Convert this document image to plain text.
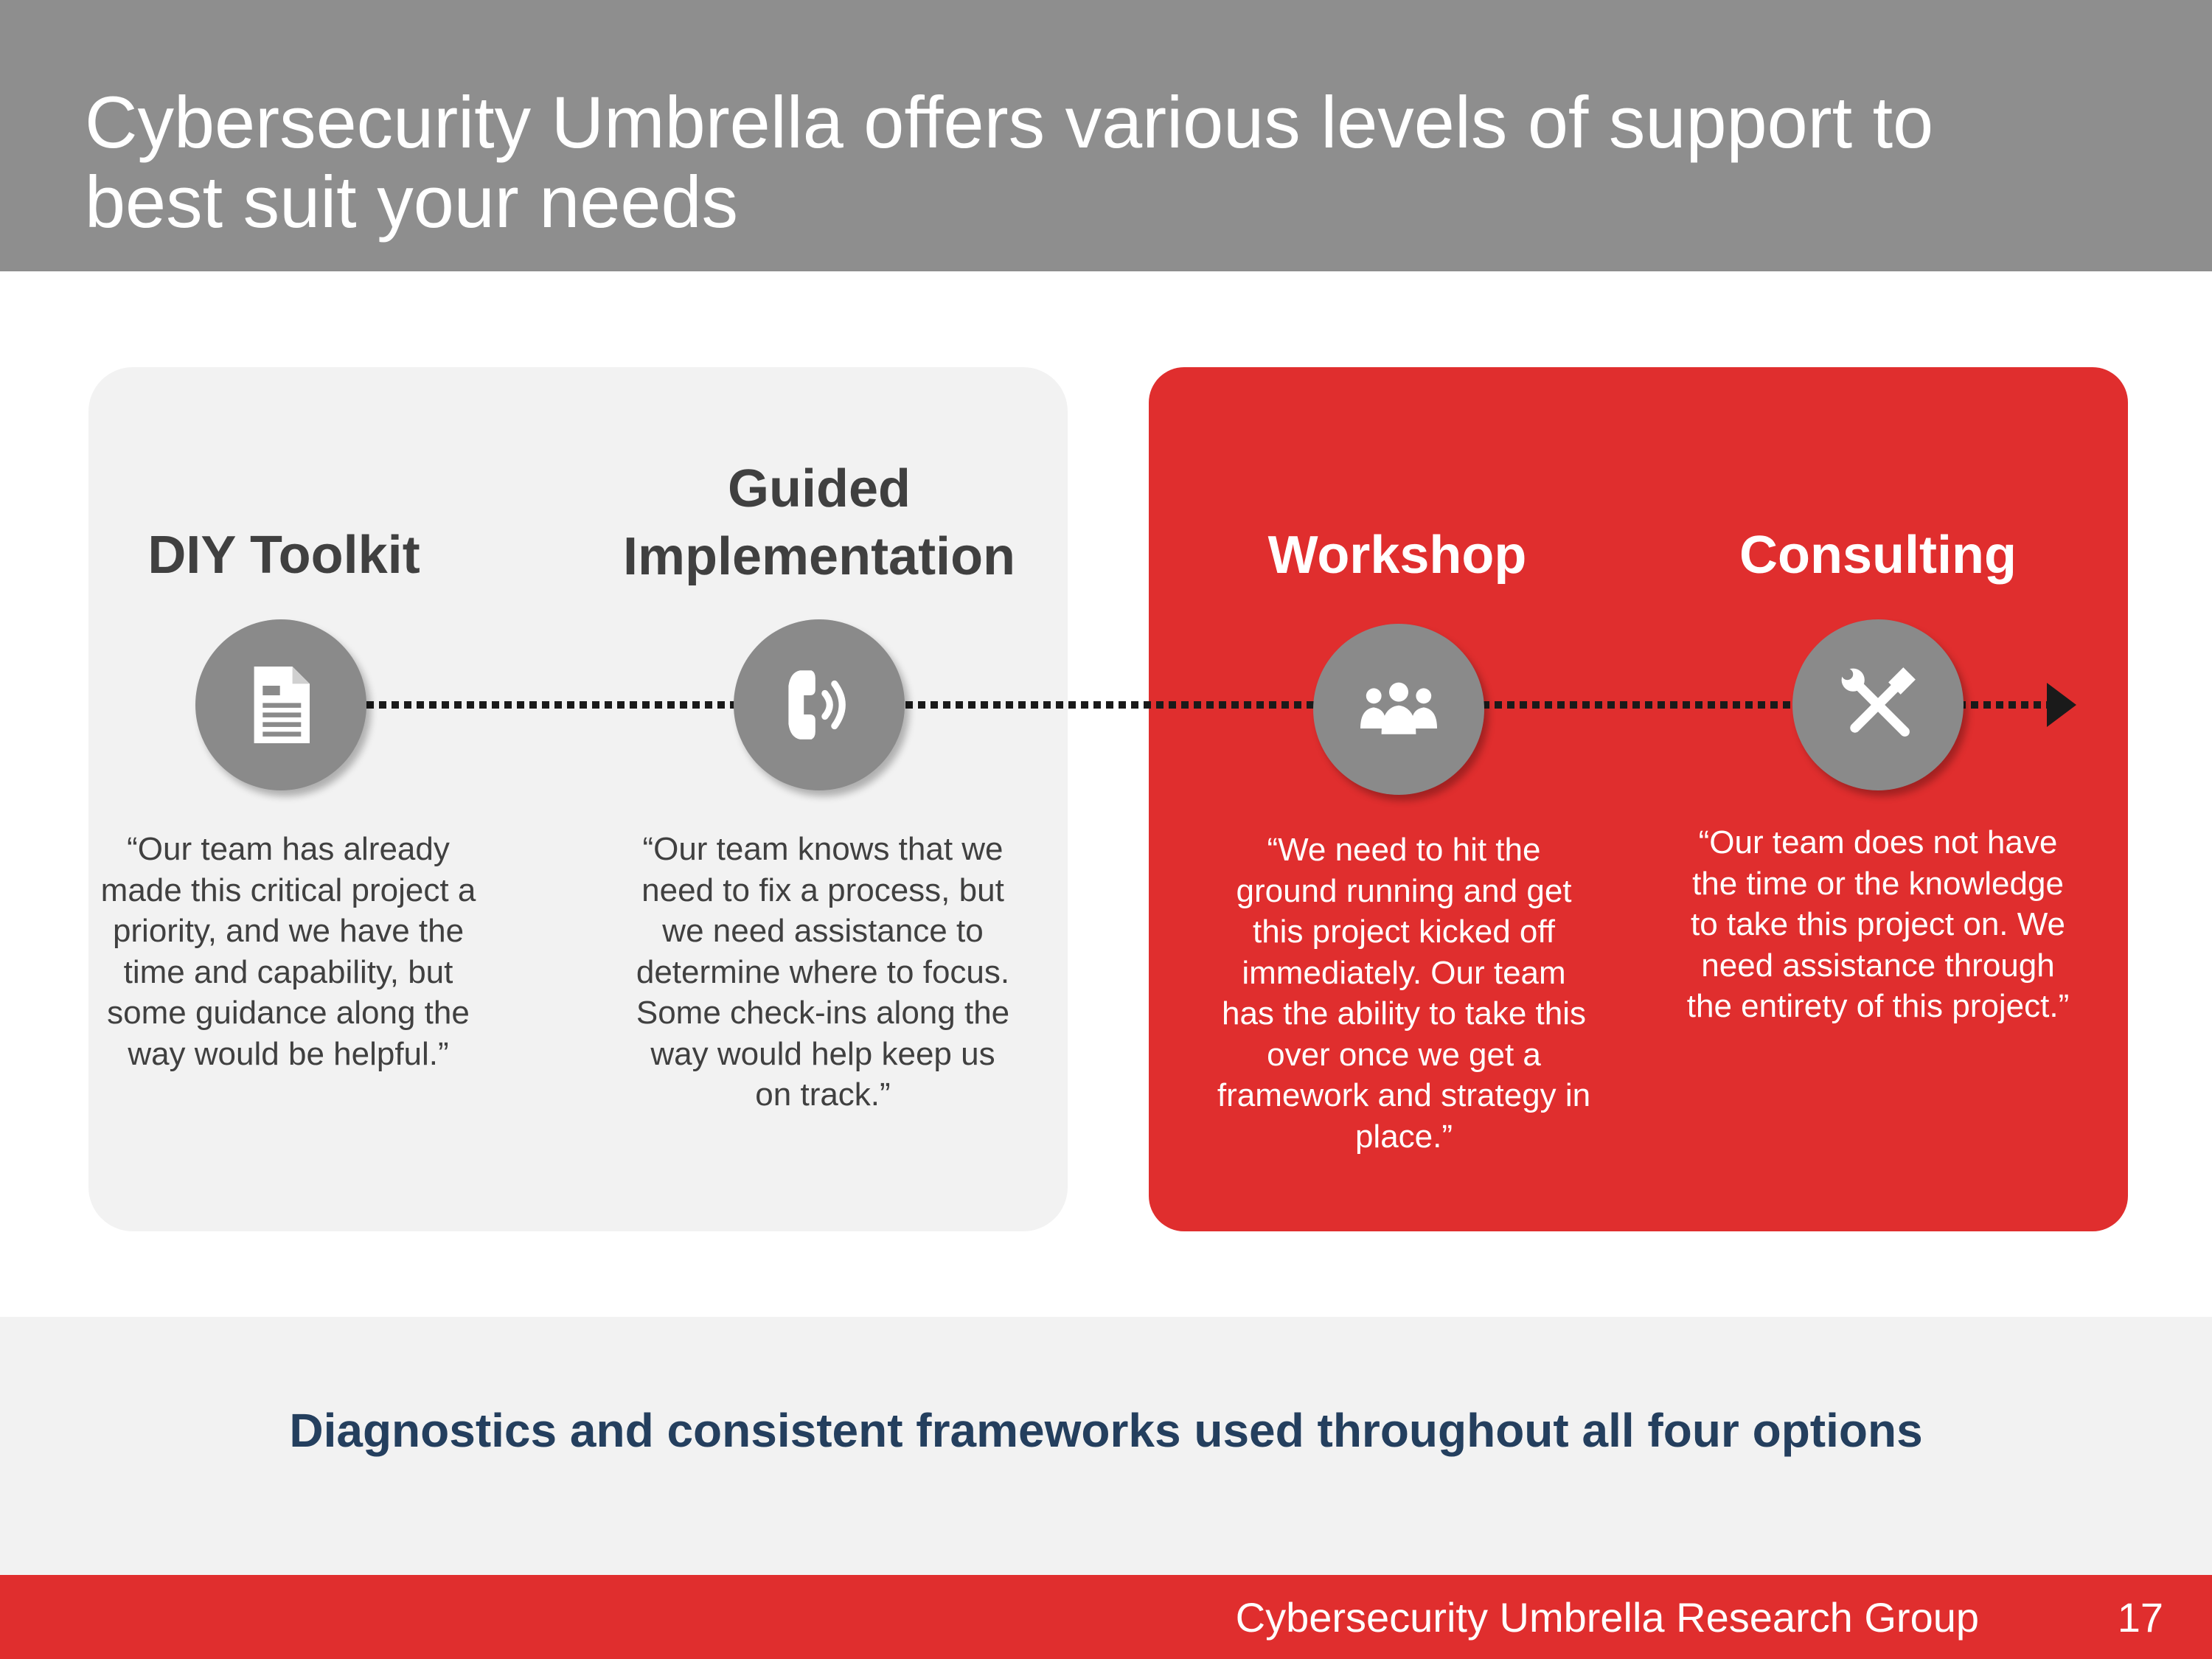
Cybersecurity Umbrella offers various levels of support to best suit your needs
DIY Toolkit
“Our team has already made this critical project a priority, and we have the time and capability, but some guidance along the way would be helpful.”
Guided Implementation
“Our team knows that we need to fix a process, but we need assistance to determine where to focus. Some check-ins along the way would help keep us on track.”
Workshop
“We need to hit the ground running and get this project kicked off immediately. Our team has the ability to take this over once we get a framework and strategy in place.”
Consulting
“Our team does not have the time or the knowledge to take this project on. We need assistance through the entirety of this project.”
Diagnostics and consistent frameworks used throughout all four options
Cybersecurity Umbrella Research Group	17
